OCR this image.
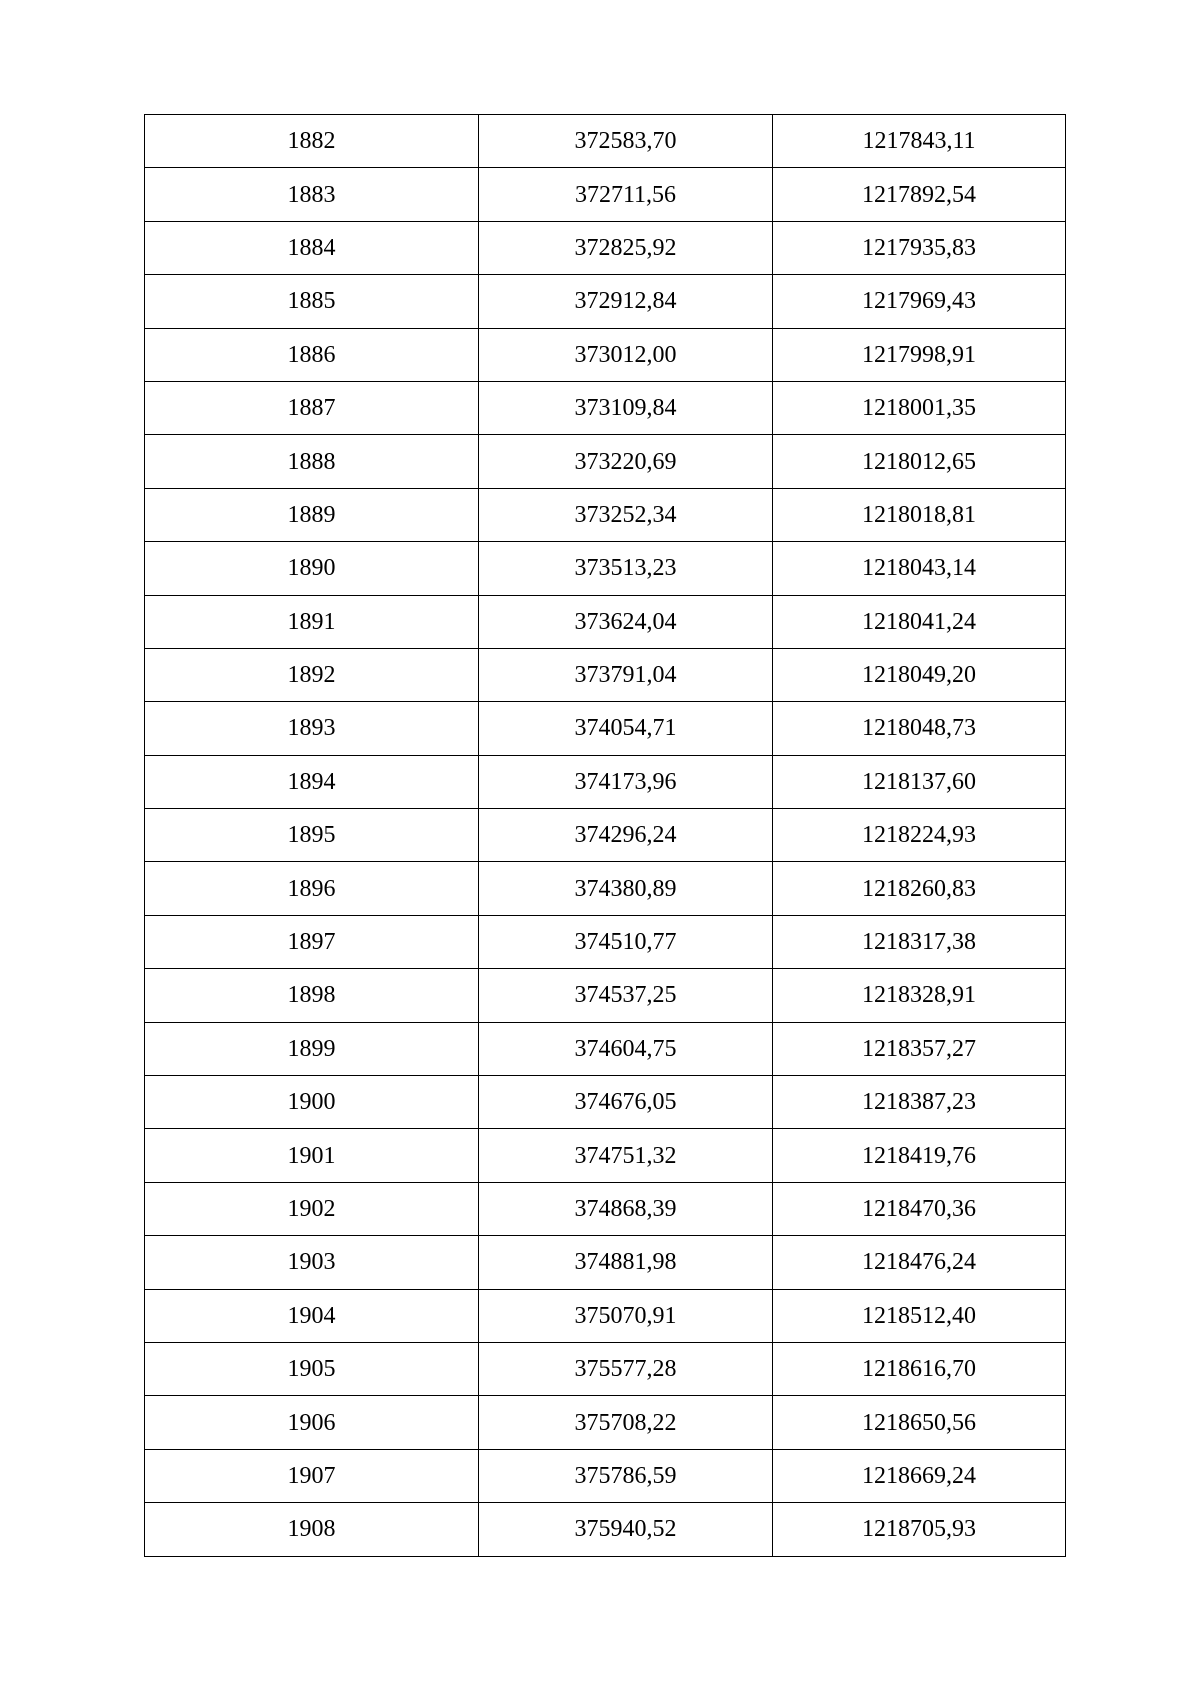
1882	372583,70	1217843,11
1883	372711,56	1217892,54
1884	372825,92	1217935,83
1885	372912,84	1217969,43
1886	373012,00	1217998,91
1887	373109,84	1218001,35
1888	373220,69	1218012,65
1889	373252,34	1218018,81
1890	373513,23	1218043,14
1891	373624,04	1218041,24
1892	373791,04	1218049,20
1893	374054,71	1218048,73
1894	374173,96	1218137,60
1895	374296,24	1218224,93
1896	374380,89	1218260,83
1897	374510,77	1218317,38
1898	374537,25	1218328,91
1899	374604,75	1218357,27
1900	374676,05	1218387,23
1901	374751,32	1218419,76
1902	374868,39	1218470,36
1903	374881,98	1218476,24
1904	375070,91	1218512,40
1905	375577,28	1218616,70
1906	375708,22	1218650,56
1907	375786,59	1218669,24
1908	375940,52	1218705,93
